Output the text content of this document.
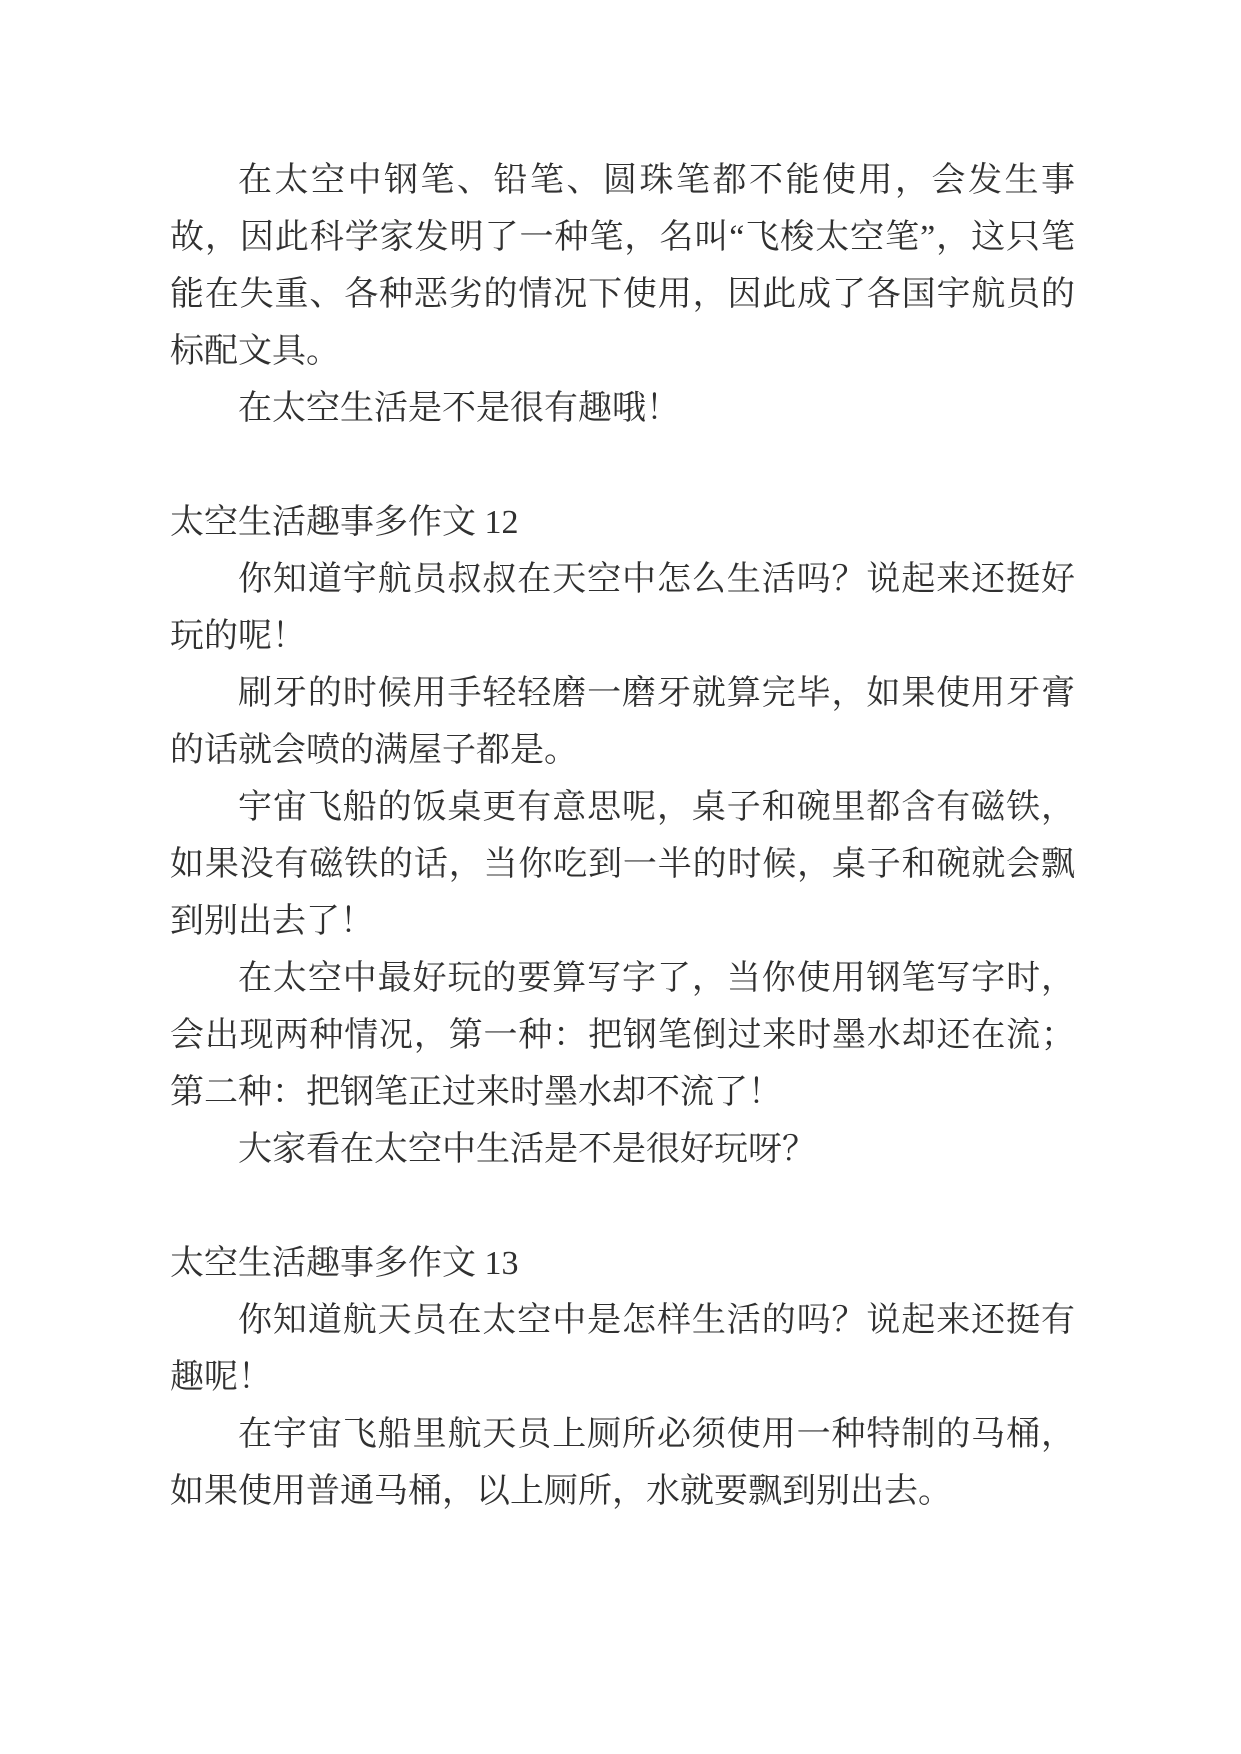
在太空中钢笔、铅笔、圆珠笔都不能使用，会发生事故，因此科学家发明了一种笔，名叫“飞梭太空笔”，这只笔能在失重、各种恶劣的情况下使用，因此成了各国宇航员的标配文具。

在太空生活是不是很有趣哦！

太空生活趣事多作文 12

你知道宇航员叔叔在天空中怎么生活吗？说起来还挺好玩的呢！

刷牙的时候用手轻轻磨一磨牙就算完毕，如果使用牙膏的话就会喷的满屋子都是。

宇宙飞船的饭桌更有意思呢，桌子和碗里都含有磁铁，如果没有磁铁的话，当你吃到一半的时候，桌子和碗就会飘到别出去了！

在太空中最好玩的要算写字了，当你使用钢笔写字时，会出现两种情况，第一种：把钢笔倒过来时墨水却还在流；第二种：把钢笔正过来时墨水却不流了！

大家看在太空中生活是不是很好玩呀？

太空生活趣事多作文 13

你知道航天员在太空中是怎样生活的吗？说起来还挺有趣呢！

在宇宙飞船里航天员上厕所必须使用一种特制的马桶，如果使用普通马桶，以上厕所，水就要飘到别出去。
